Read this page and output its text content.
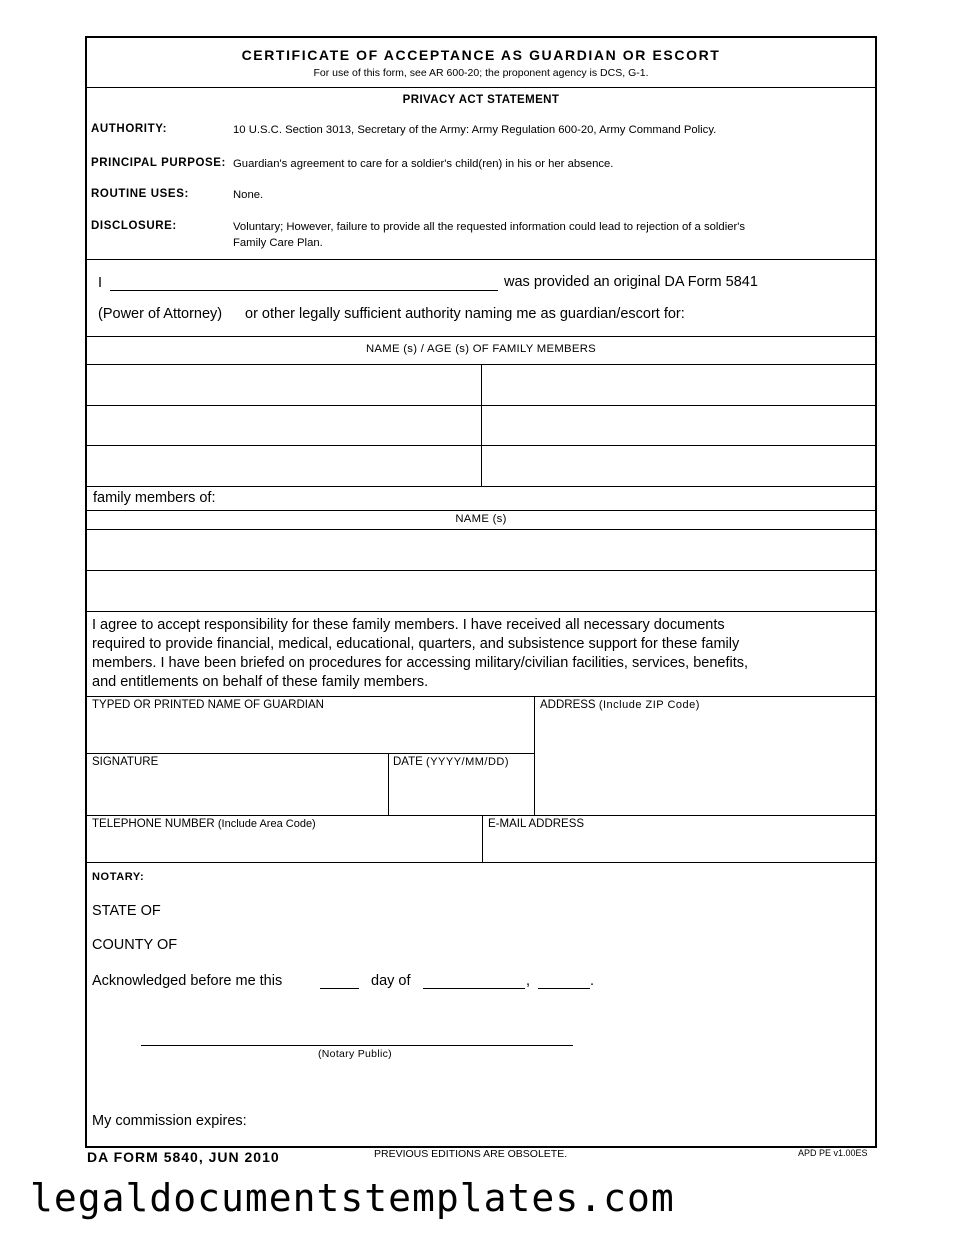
CERTIFICATE OF ACCEPTANCE AS GUARDIAN OR ESCORT
For use of this form, see AR 600-20; the proponent agency is DCS, G-1.
PRIVACY ACT STATEMENT
AUTHORITY:	10 U.S.C. Section 3013, Secretary of the Army: Army Regulation 600-20, Army Command Policy.
PRINCIPAL PURPOSE: Guardian's agreement to care for a soldier's child(ren) in his or her absence.
ROUTINE USES:	None.
DISCLOSURE:	Voluntary; However, failure to provide all the requested information could lead to rejection of a soldier's
Family Care Plan.
I	was provided an original DA Form 5841
(Power of Attorney) or other legally sufficient authority naming me as guardian/escort for:
NAME (s) / AGE (s) OF FAMILY MEMBERS
family members of:
NAME (s)
I agree to accept responsibility for these family members. I have received all necessary documents
required to provide financial, medical, educational, quarters, and subsistence support for these family
members. I have been briefed on procedures for accessing military/civilian facilities, services, benefits,
and entitlements on behalf of these family members.
TYPED OR PRINTED NAME OF GUARDIAN	ADDRESS (Include ZIP Code)
SIGNATURE	DATE (YYYY/MM/DD)
TELEPHONE NUMBER (Include Area Code)	E-MAIL ADDRESS
NOTARY:
STATE OF
COUNTY OF
Acknowledged before me this	day of	,	.
(Notary Public)
My commission expires:
DA FORM 5840, JUN 2010	PREVIOUS EDITIONS ARE OBSOLETE.	APD PE v1.00ES
legaldocumentstemplates.com
